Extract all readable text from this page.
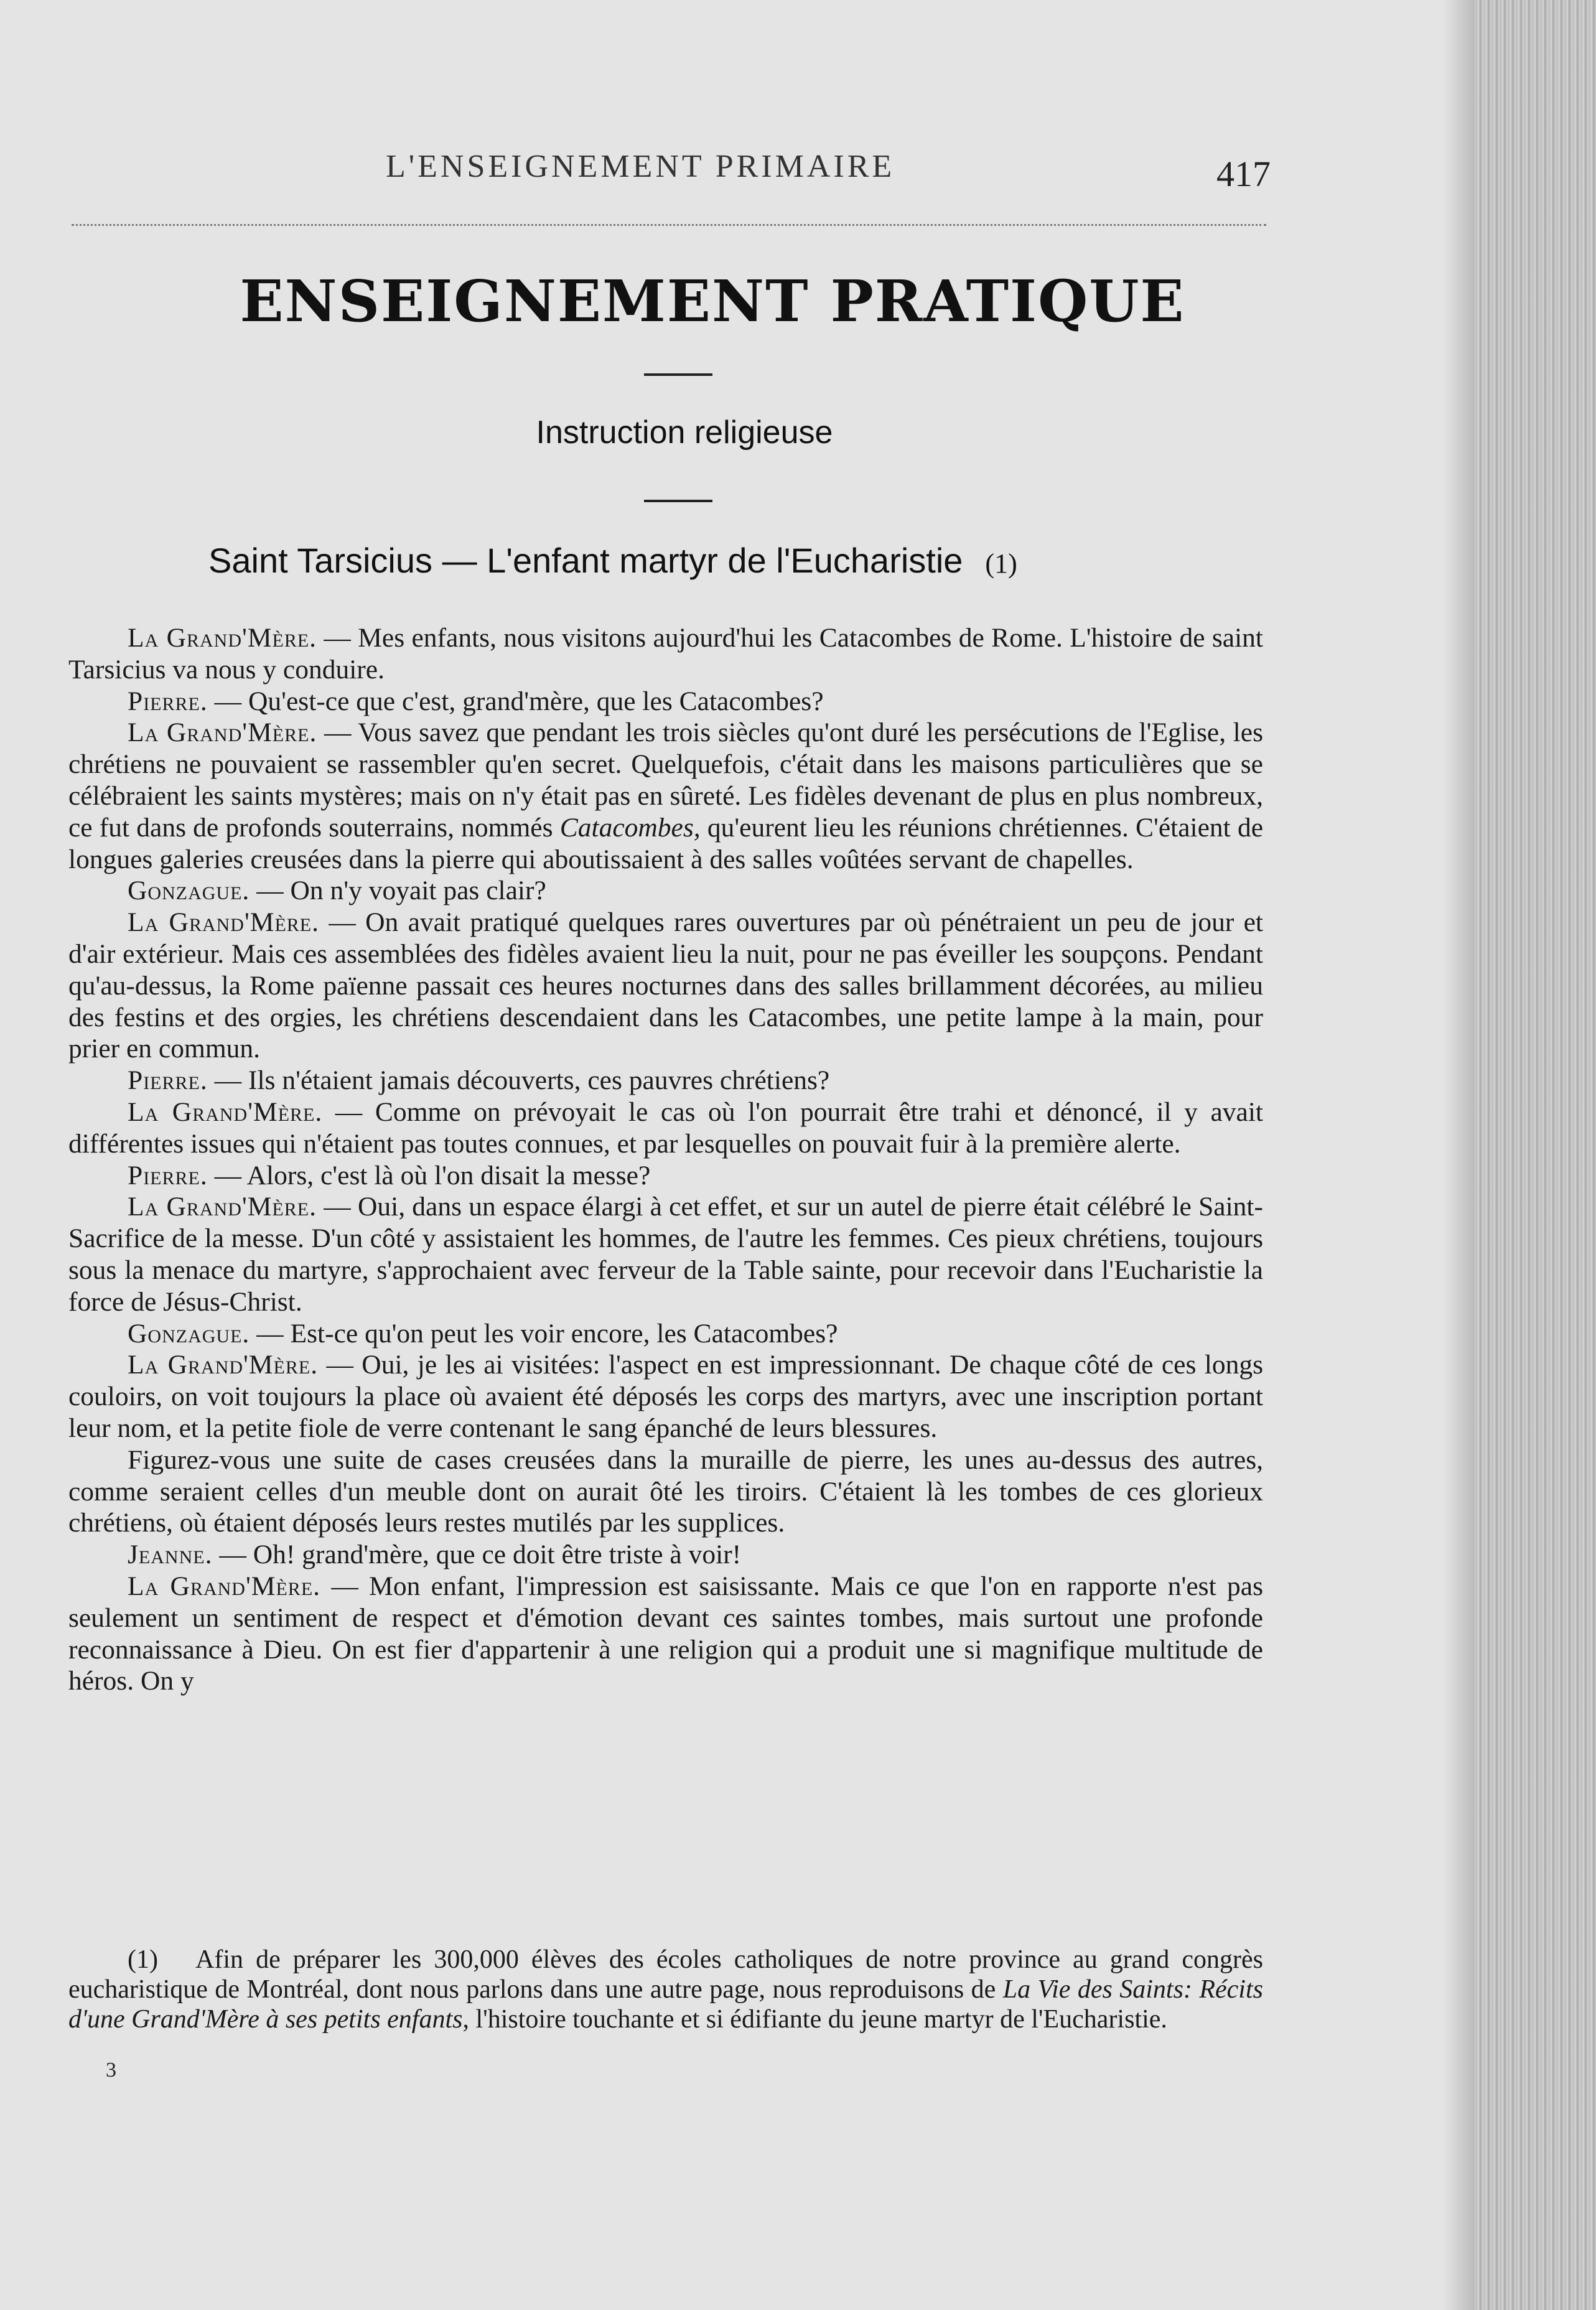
L'ENSEIGNEMENT PRIMAIRE	417
ENSEIGNEMENT PRATIQUE
Instruction religieuse
Saint Tarsicius — L'enfant martyr de l'Eucharistie (1)

La Grand'Mère. — Mes enfants, nous visitons aujourd'hui les Catacombes de Rome. L'histoire de saint Tarsicius va nous y conduire.

Pierre. — Qu'est-ce que c'est, grand'mère, que les Catacombes?

La Grand'Mère. — Vous savez que pendant les trois siècles qu'ont duré les persécutions de l'Eglise, les chrétiens ne pouvaient se rassembler qu'en secret. Quelquefois, c'était dans les maisons particulières que se célébraient les saints mystères; mais on n'y était pas en sûreté. Les fidèles devenant de plus en plus nombreux, ce fut dans de profonds souterrains, nommés Catacombes, qu'eurent lieu les réunions chrétiennes. C'étaient de longues galeries creusées dans la pierre qui aboutissaient à des salles voûtées servant de chapelles.

Gonzague. — On n'y voyait pas clair?

La Grand'Mère. — On avait pratiqué quelques rares ouvertures par où pénétraient un peu de jour et d'air extérieur. Mais ces assemblées des fidèles avaient lieu la nuit, pour ne pas éveiller les soupçons. Pendant qu'au-dessus, la Rome païenne passait ces heures nocturnes dans des salles brillamment décorées, au milieu des festins et des orgies, les chrétiens descendaient dans les Catacombes, une petite lampe à la main, pour prier en commun.

Pierre. — Ils n'étaient jamais découverts, ces pauvres chrétiens?

La Grand'Mère. — Comme on prévoyait le cas où l'on pourrait être trahi et dénoncé, il y avait différentes issues qui n'étaient pas toutes connues, et par lesquelles on pouvait fuir à la première alerte.

Pierre. — Alors, c'est là où l'on disait la messe?

La Grand'Mère. — Oui, dans un espace élargi à cet effet, et sur un autel de pierre était célébré le Saint-Sacrifice de la messe. D'un côté y assistaient les hommes, de l'autre les femmes. Ces pieux chrétiens, toujours sous la menace du martyre, s'approchaient avec ferveur de la Table sainte, pour recevoir dans l'Eucharistie la force de Jésus-Christ.

Gonzague. — Est-ce qu'on peut les voir encore, les Catacombes?

La Grand'Mère. — Oui, je les ai visitées: l'aspect en est impressionnant. De chaque côté de ces longs couloirs, on voit toujours la place où avaient été déposés les corps des martyrs, avec une inscription portant leur nom, et la petite fiole de verre contenant le sang épanché de leurs blessures.

Figurez-vous une suite de cases creusées dans la muraille de pierre, les unes au-dessus des autres, comme seraient celles d'un meuble dont on aurait ôté les tiroirs. C'étaient là les tombes de ces glorieux chrétiens, où étaient déposés leurs restes mutilés par les supplices.

Jeanne. — Oh! grand'mère, que ce doit être triste à voir!

La Grand'Mère. — Mon enfant, l'impression est saisissante. Mais ce que l'on en rapporte n'est pas seulement un sentiment de respect et d'émotion devant ces saintes tombes, mais surtout une profonde reconnaissance à Dieu. On est fier d'appartenir à une religion qui a produit une si magnifique multitude de héros. On y

(1) Afin de préparer les 300,000 élèves des écoles catholiques de notre province au grand congrès eucharistique de Montréal, dont nous parlons dans une autre page, nous reproduisons de La Vie des Saints: Récits d'une Grand'Mère à ses petits enfants, l'histoire touchante et si édifiante du jeune martyr de l'Eucharistie.

3
